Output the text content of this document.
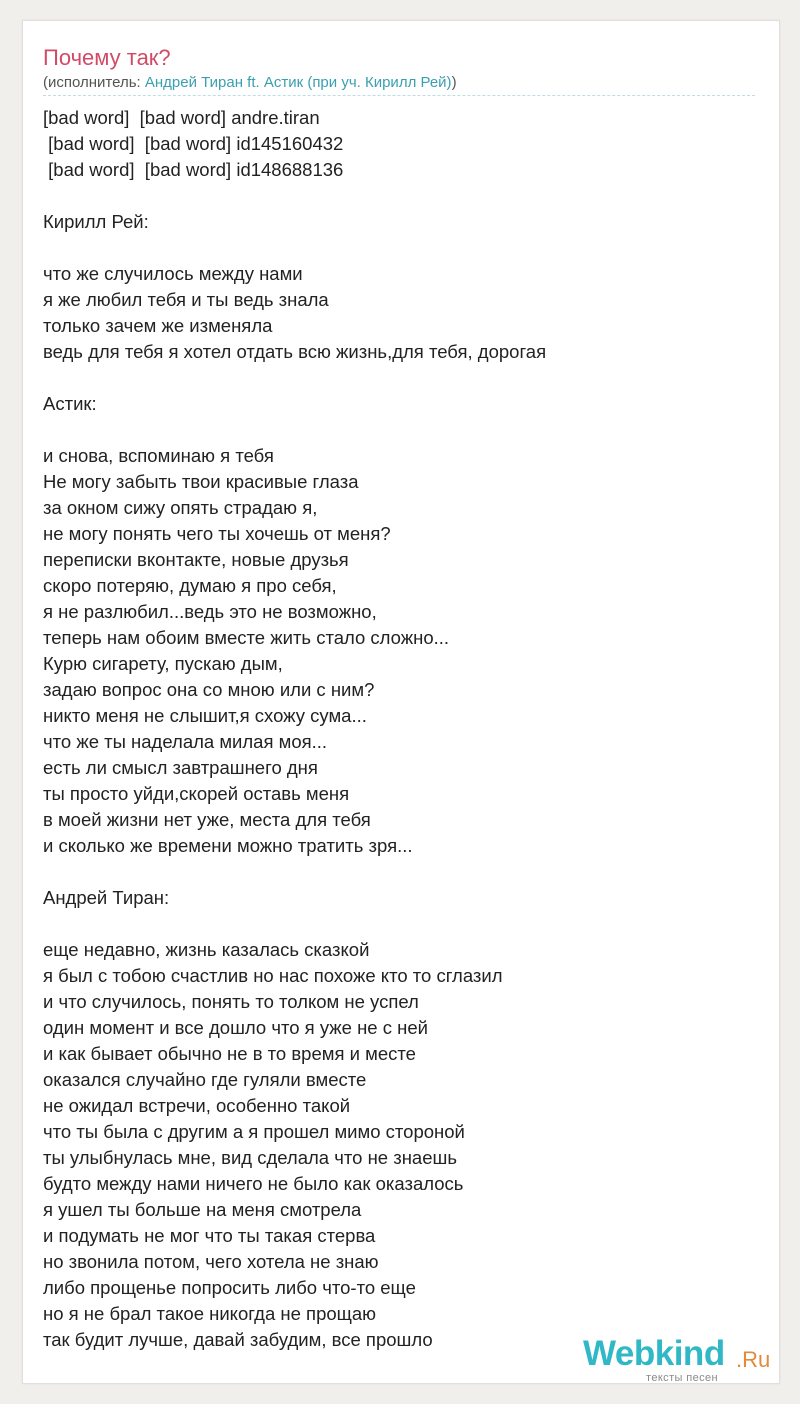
Почему так?
(исполнитель: Андрей Тиран ft. Астик (при уч. Кирилл Рей))
[bad word]  [bad word] andre.tiran
[bad word]  [bad word] id145160432
[bad word]  [bad word] id148688136
Кирилл Рей:
что же случилось между нами
я же любил тебя и ты ведь знала
только зачем же изменяла
ведь для тебя я хотел отдать всю жизнь,для тебя, дорогая
Астик:
и снова, вспоминаю я тебя
Не могу забыть твои красивые глаза
за окном сижу опять страдаю я,
не могу понять чего ты хочешь от меня?
переписки вконтакте, новые друзья
скоро потеряю, думаю я про себя,
я не разлюбил...ведь это не возможно,
теперь нам обоим вместе жить стало сложно...
Курю сигарету, пускаю дым,
задаю вопрос она со мною или с ним?
никто меня не слышит,я схожу сума...
что же ты наделала милая моя...
есть ли смысл завтрашнего дня
ты просто уйди,скорей оставь меня
в моей жизни нет уже, места для тебя
и сколько же времени можно тратить зря...
Андрей Тиран:
еще недавно, жизнь казалась сказкой
я был с тобою счастлив но нас похоже кто то сглазил
и что случилось, понять то толком не успел
один момент и все дошло что я уже не с ней
и как бывает обычно не в то время и месте
оказался случайно где гуляли вместе
не ожидал встречи, особенно такой
что ты была с другим а я прошел мимо стороной
ты улыбнулась мне, вид сделала что не знаешь
будто между нами ничего не было как оказалось
я ушел ты больше на меня смотрела
и подумать не мог что ты такая стерва
но звонила потом, чего хотела не знаю
либо прощенье попросить либо что-то еще
но я не брал такое никогда не прощаю
так будит лучше, давай забудим, все прошло	Webkind .Ru
тексты песен
